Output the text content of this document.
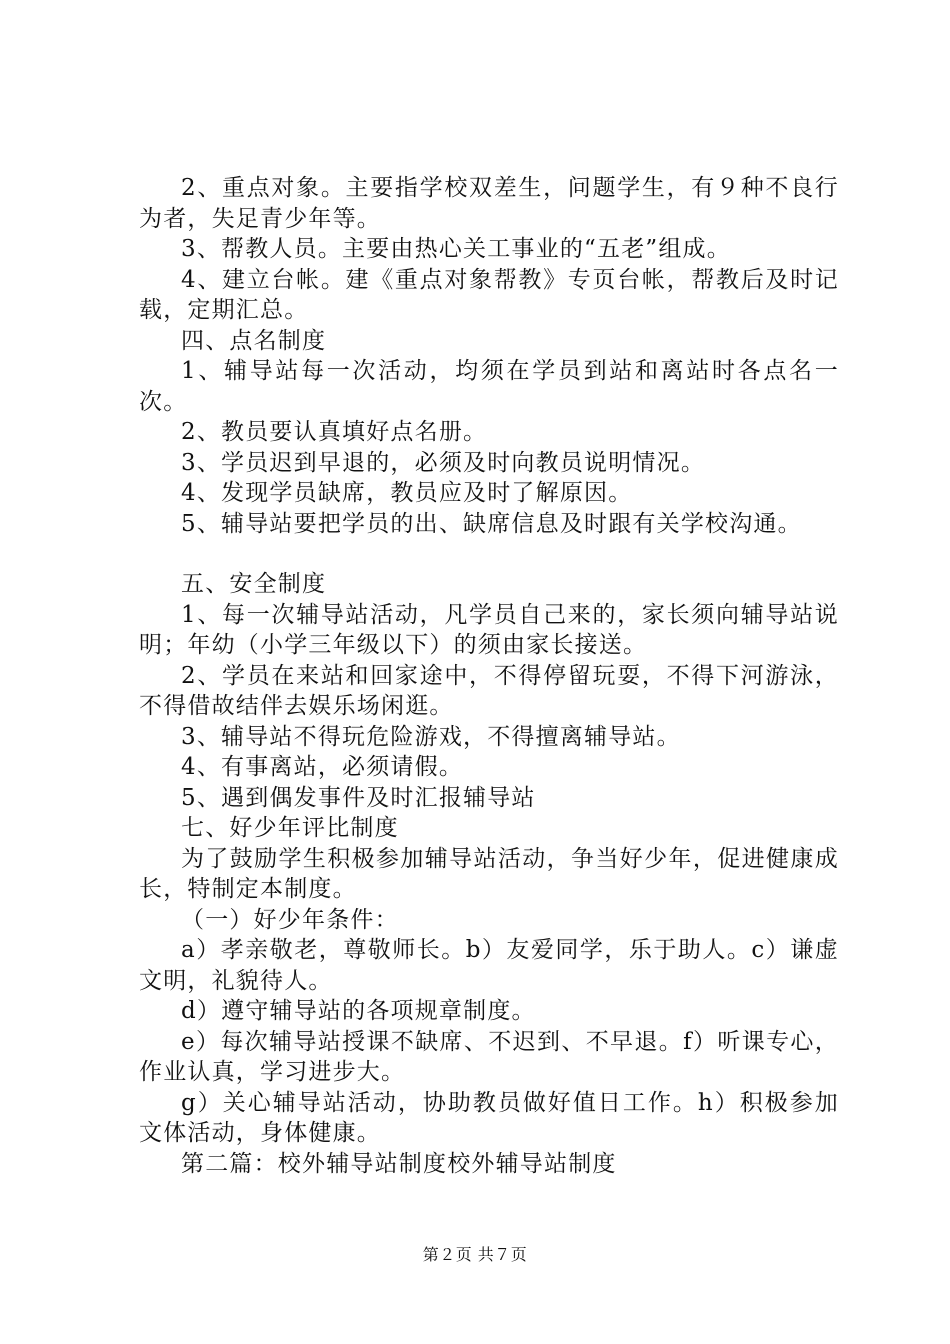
2、重点对象。主要指学校双差生，问题学生，有９种不良行为者，失足青少年等。

3、帮教人员。主要由热心关工事业的“五老”组成。

4、建立台帐。建《重点对象帮教》专页台帐，帮教后及时记载，定期汇总。

四、点名制度

1、辅导站每一次活动，均须在学员到站和离站时各点名一次。

2、教员要认真填好点名册。

3、学员迟到早退的，必须及时向教员说明情况。

4、发现学员缺席，教员应及时了解原因。

5、辅导站要把学员的出、缺席信息及时跟有关学校沟通。

五、安全制度

1、每一次辅导站活动，凡学员自己来的，家长须向辅导站说明；年幼（小学三年级以下）的须由家长接送。

2、学员在来站和回家途中，不得停留玩耍，不得下河游泳，不得借故结伴去娱乐场闲逛。

3、辅导站不得玩危险游戏，不得擅离辅导站。

4、有事离站，必须请假。

5、遇到偶发事件及时汇报辅导站

七、好少年评比制度

为了鼓励学生积极参加辅导站活动，争当好少年，促进健康成长，特制定本制度。

（一）好少年条件：

a）孝亲敬老，尊敬师长。b）友爱同学，乐于助人。c）谦虚文明，礼貌待人。

d）遵守辅导站的各项规章制度。

e）每次辅导站授课不缺席、不迟到、不早退。f）听课专心，作业认真，学习进步大。

g）关心辅导站活动，协助教员做好值日工作。h）积极参加文体活动，身体健康。

第二篇：校外辅导站制度校外辅导站制度

第２页 共７页
